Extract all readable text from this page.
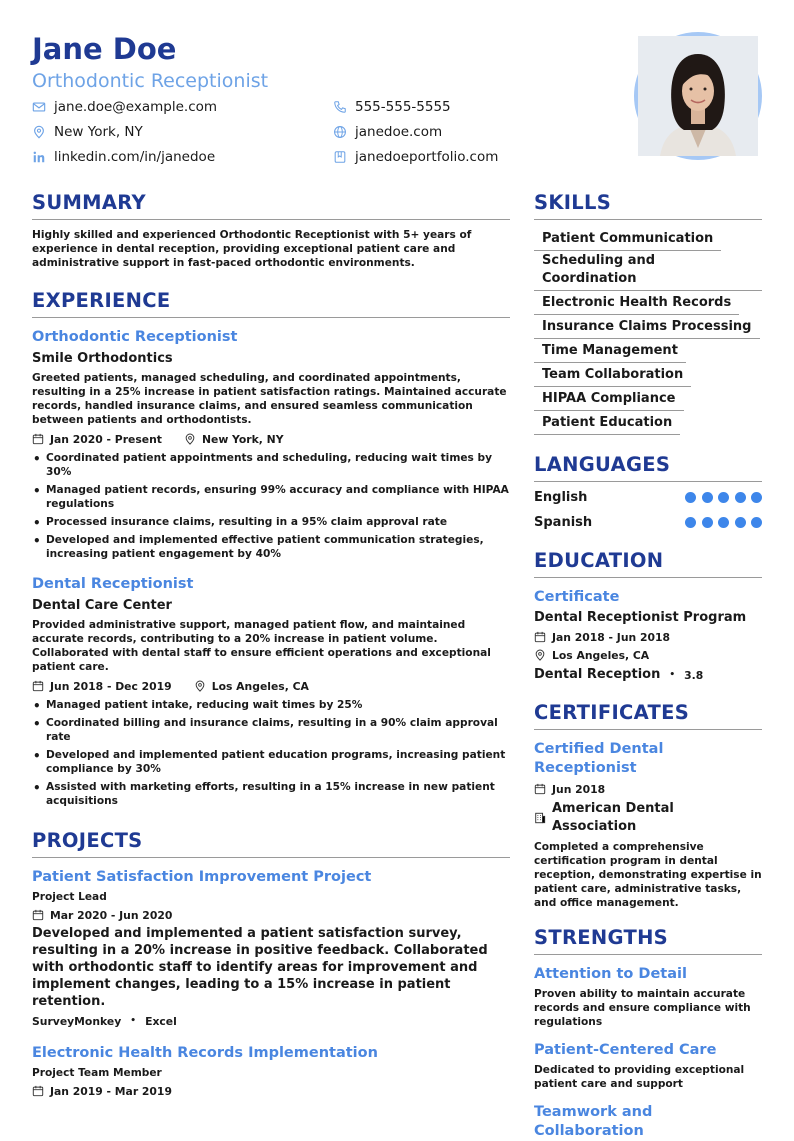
Jane Doe
Orthodontic Receptionist
jane.doe@example.com	555-555-5555
New York, NY	janedoe.com
linkedin.com/in/janedoe	janedoeportfolio.com
SUMMARY
Highly skilled and experienced Orthodontic Receptionist with 5+ years of experience in dental reception, providing exceptional patient care and administrative support in fast-paced orthodontic environments.
EXPERIENCE
Orthodontic Receptionist
Smile Orthodontics
Greeted patients, managed scheduling, and coordinated appointments, resulting in a 25% increase in patient satisfaction ratings. Maintained accurate records, handled insurance claims, and ensured seamless communication between patients and orthodontists.
Jan 2020 - Present	New York, NY
• Coordinated patient appointments and scheduling, reducing wait times by 30%
• Managed patient records, ensuring 99% accuracy and compliance with HIPAA regulations
• Processed insurance claims, resulting in a 95% claim approval rate
• Developed and implemented effective patient communication strategies, increasing patient engagement by 40%
Dental Receptionist
Dental Care Center
Provided administrative support, managed patient flow, and maintained accurate records, contributing to a 20% increase in patient volume. Collaborated with dental staff to ensure efficient operations and exceptional patient care.
Jun 2018 - Dec 2019	Los Angeles, CA
• Managed patient intake, reducing wait times by 25%
• Coordinated billing and insurance claims, resulting in a 90% claim approval rate
• Developed and implemented patient education programs, increasing patient compliance by 30%
• Assisted with marketing efforts, resulting in a 15% increase in new patient acquisitions
PROJECTS
Patient Satisfaction Improvement Project
Project Lead
Mar 2020 - Jun 2020
Developed and implemented a patient satisfaction survey, resulting in a 20% increase in positive feedback. Collaborated with orthodontic staff to identify areas for improvement and implement changes, leading to a 15% increase in patient retention.
SurveyMonkey • Excel
Electronic Health Records Implementation
Project Team Member
Jan 2019 - Mar 2019
SKILLS
Patient Communication
Scheduling and Coordination
Electronic Health Records
Insurance Claims Processing
Time Management
Team Collaboration
HIPAA Compliance
Patient Education
LANGUAGES
English
Spanish
EDUCATION
Certificate
Dental Receptionist Program
Jan 2018 - Jun 2018
Los Angeles, CA
Dental Reception • 3.8
CERTIFICATES
Certified Dental Receptionist
Jun 2018
American Dental Association
Completed a comprehensive certification program in dental reception, demonstrating expertise in patient care, administrative tasks, and office management.
STRENGTHS
Attention to Detail
Proven ability to maintain accurate records and ensure compliance with regulations
Patient-Centered Care
Dedicated to providing exceptional patient care and support
Teamwork and Collaboration
